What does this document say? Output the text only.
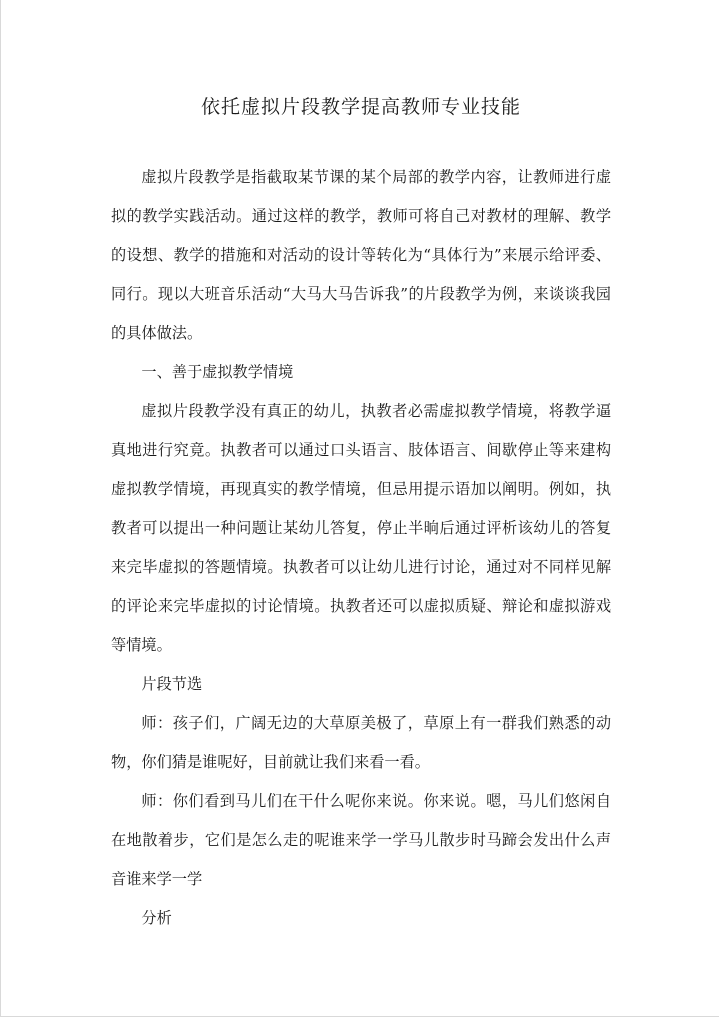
依托虚拟片段教学提高教师专业技能

虚拟片段教学是指截取某节课的某个局部的教学内容，让教师进行虚拟的教学实践活动。通过这样的教学，教师可将自己对教材的理解、教学的设想、教学的措施和对活动的设计等转化为“具体行为”来展示给评委、同行。现以大班音乐活动“大马大马告诉我”的片段教学为例，来谈谈我园的具体做法。

一、善于虚拟教学情境

虚拟片段教学没有真正的幼儿，执教者必需虚拟教学情境，将教学逼真地进行究竟。执教者可以通过口头语言、肢体语言、间歇停止等来建构虚拟教学情境，再现真实的教学情境，但忌用提示语加以阐明。例如，执教者可以提出一种问题让某幼儿答复，停止半晌后通过评析该幼儿的答复来完毕虚拟的答题情境。执教者可以让幼儿进行讨论，通过对不同样见解的评论来完毕虚拟的讨论情境。执教者还可以虚拟质疑、辩论和虚拟游戏等情境。

片段节选

师：孩子们，广阔无边的大草原美极了，草原上有一群我们熟悉的动物，你们猜是谁呢好，目前就让我们来看一看。

师：你们看到马儿们在干什么呢你来说。你来说。嗯，马儿们悠闲自在地散着步，它们是怎么走的呢谁来学一学马儿散步时马蹄会发出什么声音谁来学一学

分析
